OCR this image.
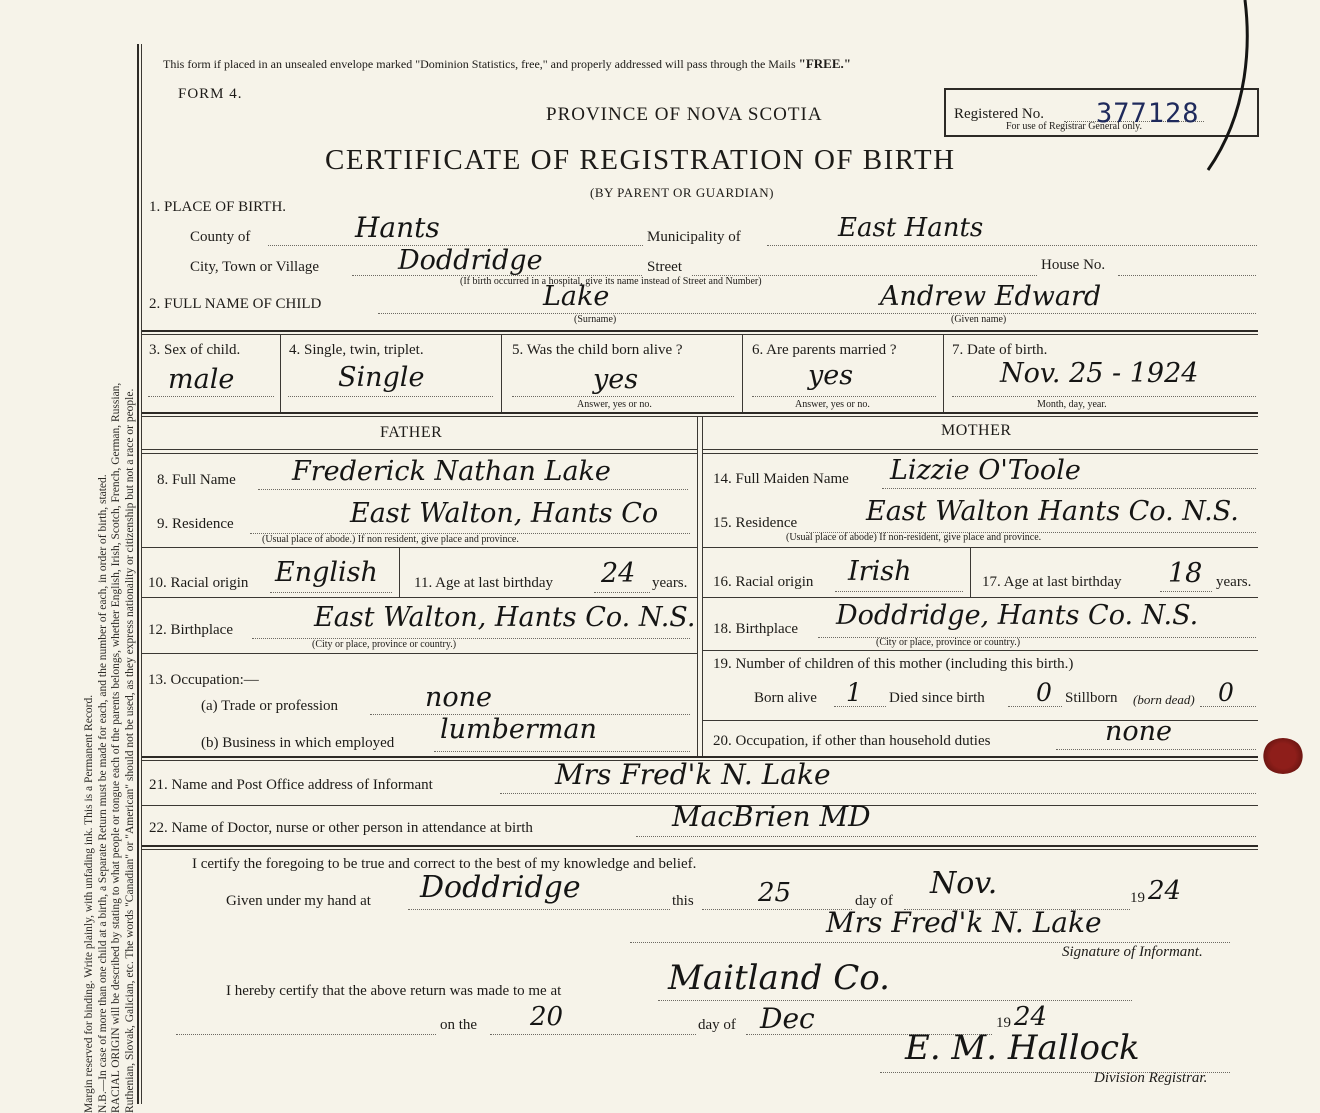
Margin reserved for binding. Write plainly, with unfading ink. This is a Permanent Record. N.B.—In case of more than one child at a birth, a Separate Return must be made for each, and the number of each, in order of birth, stated. RACIAL ORIGIN will be described by stating to what people or tongue each of the parents belongs, whether English, Irish, Scotch, French, German, Russian, Ruthenian, Slovak, Galician, etc. The words "Canadian" or "American" should not be used, as they express nationality or citizenship but not a race or people.
This form if placed in an unsealed envelope marked "Dominion Statistics, free," and properly addressed will pass through the Mails "FREE."
FORM 4.
PROVINCE OF NOVA SCOTIA
CERTIFICATE OF REGISTRATION OF BIRTH
(BY PARENT OR GUARDIAN)
Registered No. 377128
For use of Registrar General only.
1. PLACE OF BIRTH.
County of	Hants	Municipality of	East Hants
City, Town or Village	Doddridge	Street	House No.
(If birth occurred in a hospital, give its name instead of Street and Number)
2. FULL NAME OF CHILD	Lake
(Surname)
Andrew Edward
(Given name)
3. Sex of child.
male
4. Single, twin, triplet.
Single
5. Was the child born alive ?
yes
Answer, yes or no.
6. Are parents married ?
yes
Answer, yes or no.
7. Date of birth.
Nov. 25 - 1924
Month, day, year.
FATHER	MOTHER
8. Full Name Frederick Nathan Lake
9. Residence	East Walton, Hants Co
(Usual place of abode.) If non resident, give place and province.
10. Racial origin English 11. Age at last birthday 24 years.
12. Birthplace	East Walton, Hants Co. N.S.
(City or place, province or country.)
13. Occupation:—
(a) Trade or profession	none
(b) Business in which employed lumberman
14. Full Maiden Name Lizzie O'Toole
15. Residence	East Walton Hants Co. N.S.
(Usual place of abode) If non-resident, give place and province.
16. Racial origin Irish	17. Age at last birthday 18 years.
18. Birthplace Doddridge, Hants Co. N.S.
(City or place, province or country.)
19. Number of children of this mother (including this birth.)
Born alive 1 Died since birth 0 Stillborn (born dead) 0
20. Occupation, if other than household duties	none
21. Name and Post Office address of Informant	Mrs Fred'k N. Lake
22. Name of Doctor, nurse or other person in attendance at birth	MacBrien MD
I certify the foregoing to be true and correct to the best of my knowledge and belief.
Given under my hand at Doddridge	this 25	day of Nov.	19 24
Mrs Fred'k N. Lake
Signature of Informant.
I hereby certify that the above return was made to me at	Maitland Co.
on the 20	day of Dec	19 24
E. M. Hallock
Division Registrar.
